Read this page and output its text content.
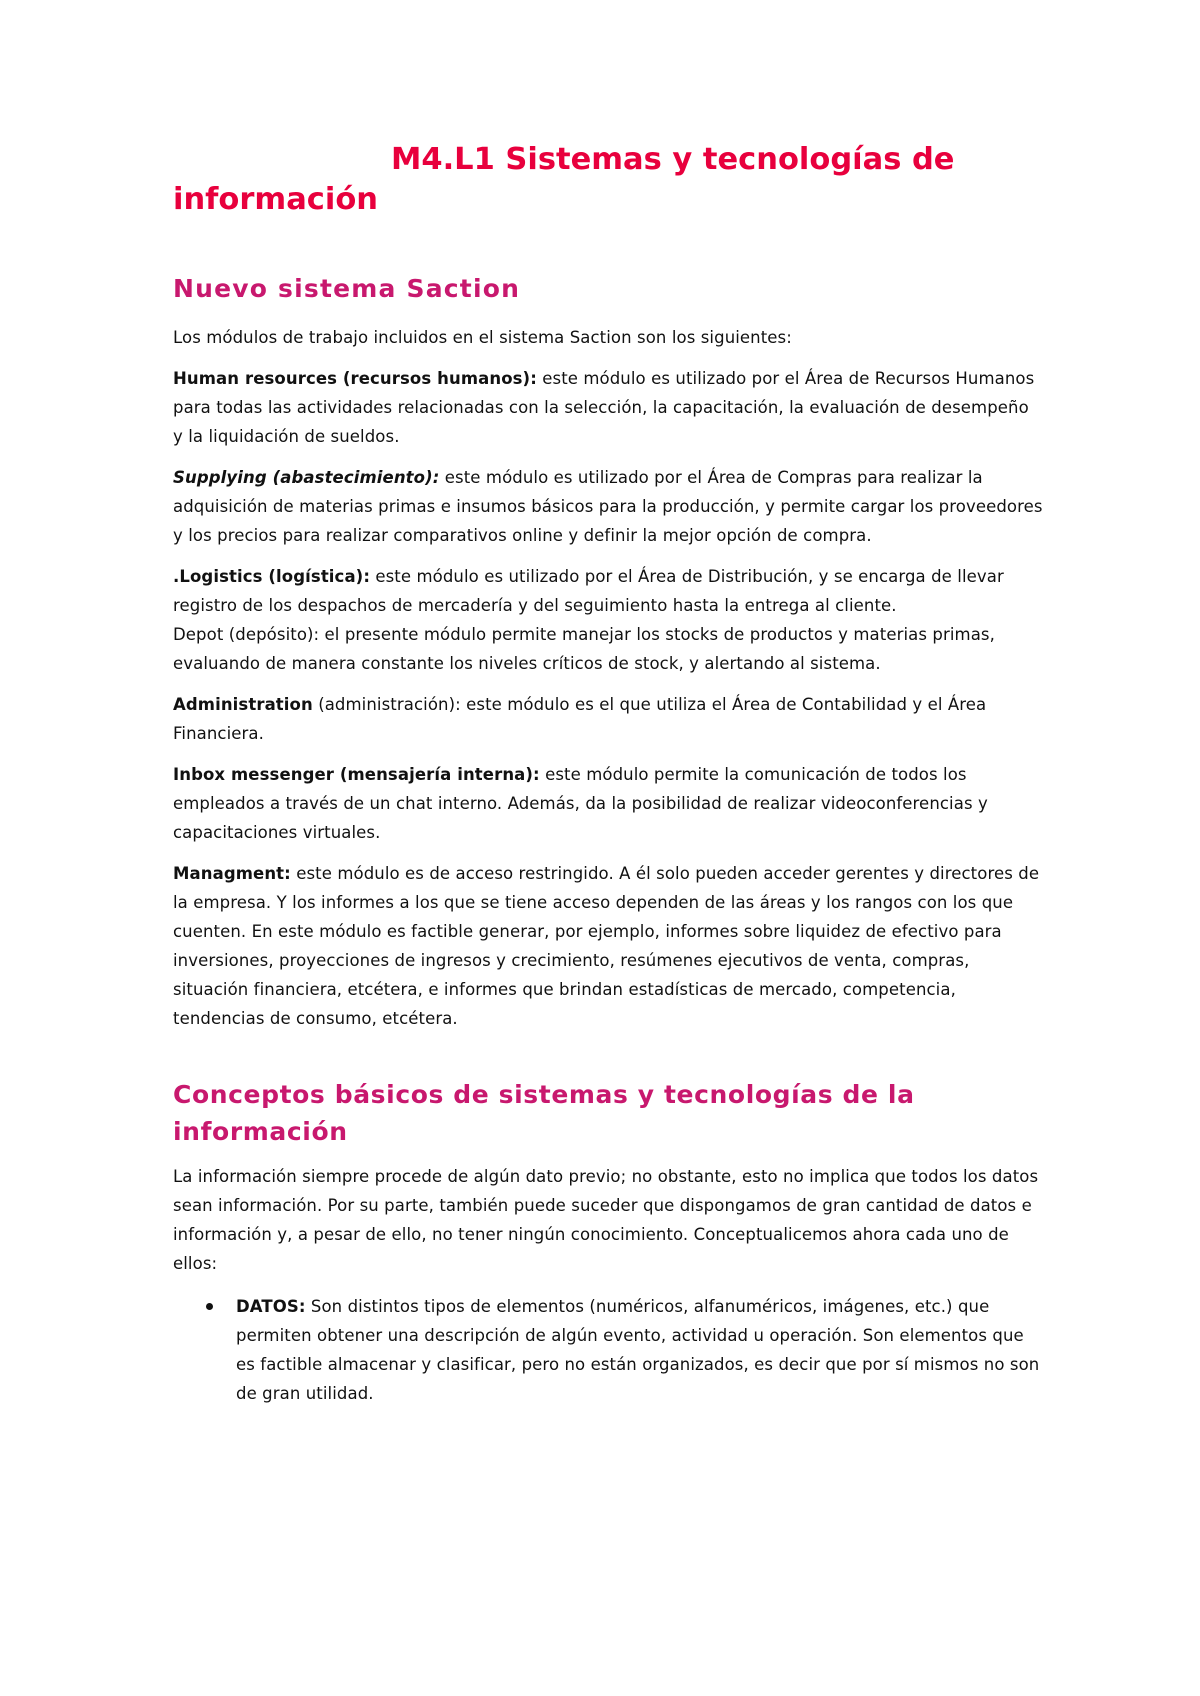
M4.L1 Sistemas y tecnologías de
información
Nuevo sistema Saction

Los módulos de trabajo incluidos en el sistema Saction son los siguientes:

Human resources (recursos humanos): este módulo es utilizado por el Área de Recursos Humanos para todas las actividades relacionadas con la selección, la capacitación, la evaluación de desempeño y la liquidación de sueldos.

Supplying (abastecimiento): este módulo es utilizado por el Área de Compras para realizar la adquisición de materias primas e insumos básicos para la producción, y permite cargar los proveedores y los precios para realizar comparativos online y definir la mejor opción de compra.

.Logistics (logística): este módulo es utilizado por el Área de Distribución, y se encarga de llevar registro de los despachos de mercadería y del seguimiento hasta la entrega al cliente.
Depot (depósito): el presente módulo permite manejar los stocks de productos y materias primas, evaluando de manera constante los niveles críticos de stock, y alertando al sistema.

Administration (administración): este módulo es el que utiliza el Área de Contabilidad y el Área Financiera.

Inbox messenger (mensajería interna): este módulo permite la comunicación de todos los empleados a través de un chat interno. Además, da la posibilidad de realizar videoconferencias y capacitaciones virtuales.

Managment: este módulo es de acceso restringido. A él solo pueden acceder gerentes y directores de la empresa. Y los informes a los que se tiene acceso dependen de las áreas y los rangos con los que cuenten. En este módulo es factible generar, por ejemplo, informes sobre liquidez de efectivo para inversiones, proyecciones de ingresos y crecimiento, resúmenes ejecutivos de venta, compras, situación financiera, etcétera, e informes que brindan estadísticas de mercado, competencia, tendencias de consumo, etcétera.

Conceptos básicos de sistemas y tecnologías de la información

La información siempre procede de algún dato previo; no obstante, esto no implica que todos los datos sean información. Por su parte, también puede suceder que dispongamos de gran cantidad de datos e información y, a pesar de ello, no tener ningún conocimiento. Conceptualicemos ahora cada uno de ellos:

DATOS: Son distintos tipos de elementos (numéricos, alfanuméricos, imágenes, etc.) que permiten obtener una descripción de algún evento, actividad u operación. Son elementos que es factible almacenar y clasificar, pero no están organizados, es decir que por sí mismos no son de gran utilidad.
